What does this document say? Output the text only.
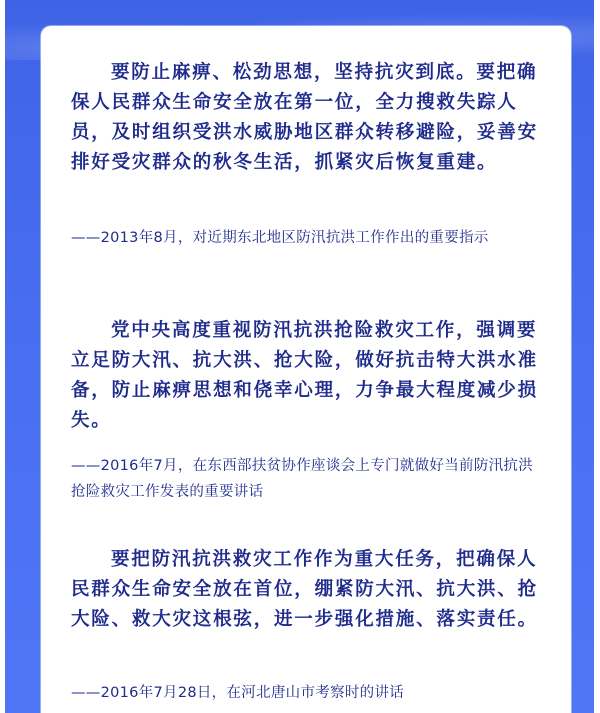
要防止麻痹、松劲思想，坚持抗灾到底。要把确保人民群众生命安全放在第一位，全力搜救失踪人员，及时组织受洪水威胁地区群众转移避险，妥善安排好受灾群众的秋冬生活，抓紧灾后恢复重建。

——2013年8月，对近期东北地区防汛抗洪工作作出的重要指示

党中央高度重视防汛抗洪抢险救灾工作，强调要立足防大汛、抗大洪、抢大险，做好抗击特大洪水准备，防止麻痹思想和侥幸心理，力争最大程度减少损失。

——2016年7月，在东西部扶贫协作座谈会上专门就做好当前防汛抗洪抢险救灾工作发表的重要讲话

要把防汛抗洪救灾工作作为重大任务，把确保人民群众生命安全放在首位，绷紧防大汛、抗大洪、抢大险、救大灾这根弦，进一步强化措施、落实责任。

——2016年7月28日，在河北唐山市考察时的讲话
